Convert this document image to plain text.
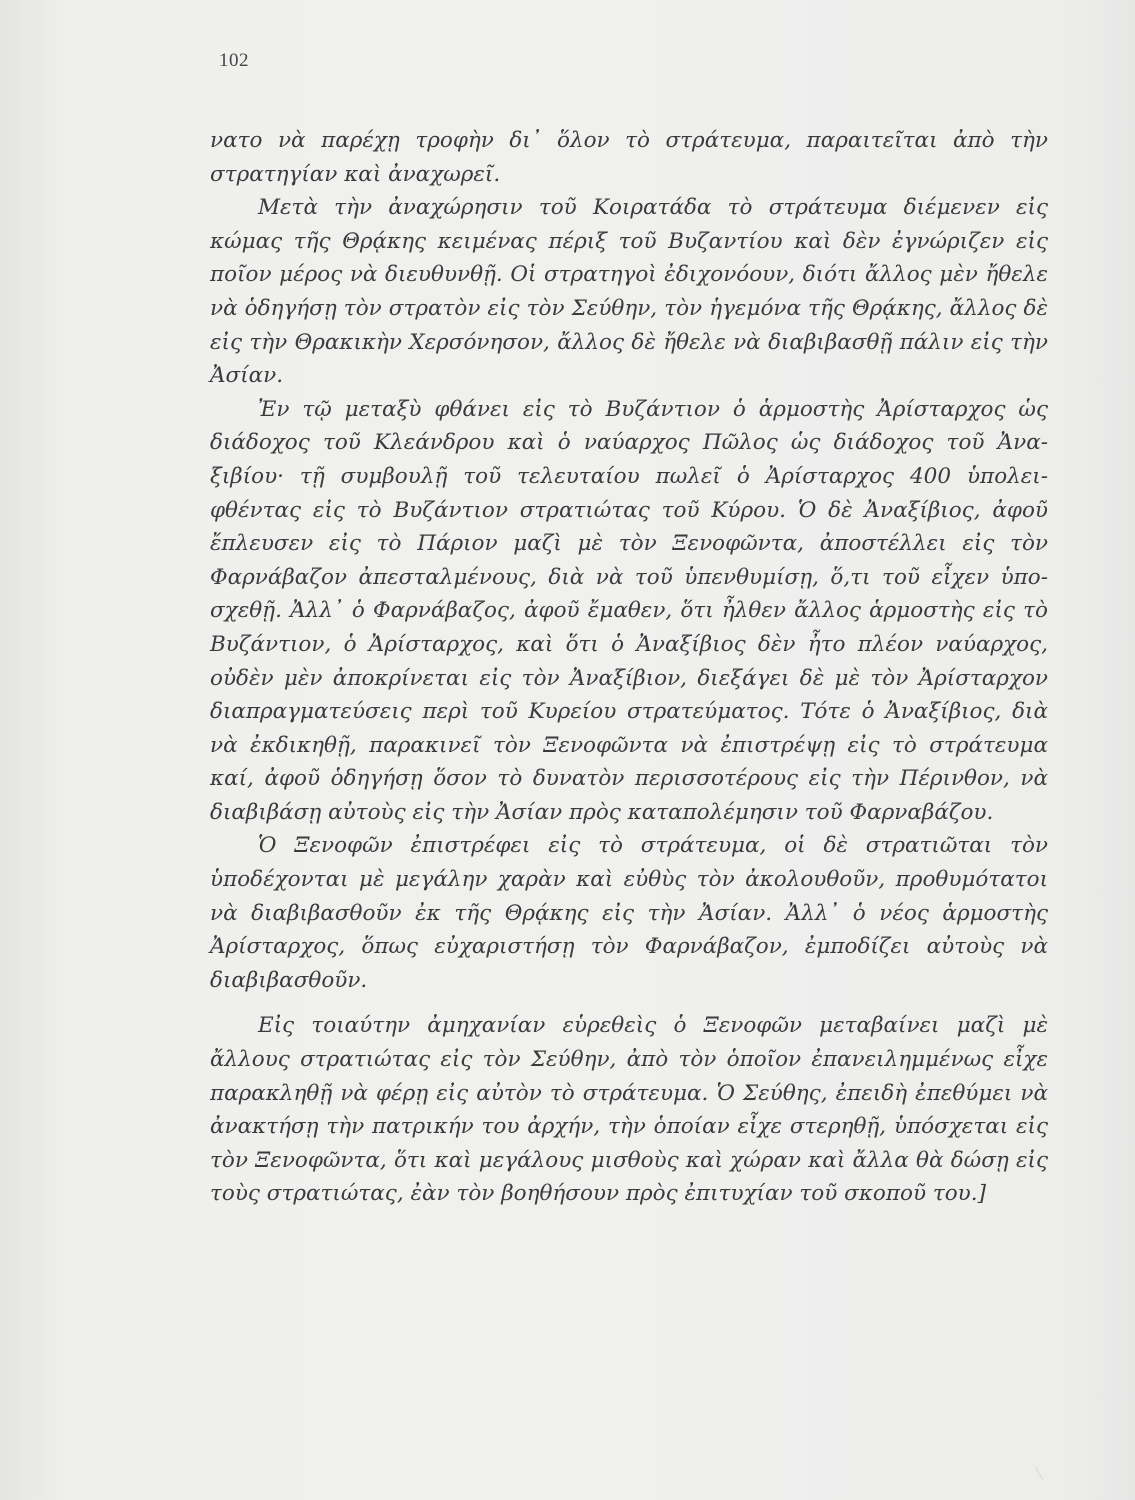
102

νατο νὰ παρέχῃ τροφὴν δι᾽ ὅλον τὸ στράτευμα, παραιτεῖται ἀπὸ τὴν στρατηγίαν καὶ ἀναχωρεῖ.

Μετὰ τὴν ἀναχώρησιν τοῦ Κοιρατάδα τὸ στράτευμα διέμενεν εἰς κώμας τῆς Θρᾴκης κειμένας πέριξ τοῦ Βυζαντίου καὶ δὲν ἐγνώριζεν εἰς ποῖον μέρος νὰ διευθυνθῇ. Οἱ στρατηγοὶ ἐδιχονόουν, διότι ἄλλος μὲν ἤθελε νὰ ὁδηγήσῃ τὸν στρατὸν εἰς τὸν Σεύθην, τὸν ἡγεμόνα τῆς Θρᾴκης, ἄλλος δὲ εἰς τὴν Θρακικὴν Χερσόνησον, ἄλλος δὲ ἤθελε νὰ διαβιβασθῇ πάλιν εἰς τὴν Ἀσίαν.

Ἐν τῷ μεταξὺ φθάνει εἰς τὸ Βυζάντιον ὁ ἁρμοστὴς Ἀρίσταρχος ὡς διάδοχος τοῦ Κλεάνδρου καὶ ὁ ναύαρχος Πῶλος ὡς διάδοχος τοῦ Ἀναξιβίου· τῇ συμβουλῇ τοῦ τελευταίου πωλεῖ ὁ Ἀρίσταρχος 400 ὑπολειφθέντας εἰς τὸ Βυζάντιον στρατιώτας τοῦ Κύρου. Ὁ δὲ Ἀναξίβιος, ἀφοῦ ἔπλευσεν εἰς τὸ Πάριον μαζὶ μὲ τὸν Ξενοφῶντα, ἀποστέλλει εἰς τὸν Φαρνάβαζον ἀπεσταλμένους, διὰ νὰ τοῦ ὑπενθυμίσῃ, ὅ,τι τοῦ εἶχεν ὑποσχεθῇ. Ἀλλ᾽ ὁ Φαρνάβαζος, ἀφοῦ ἔμαθεν, ὅτι ἦλθεν ἄλλος ἁρμοστὴς εἰς τὸ Βυζάντιον, ὁ Ἀρίσταρχος, καὶ ὅτι ὁ Ἀναξίβιος δὲν ἦτο πλέον ναύαρχος, οὐδὲν μὲν ἀποκρίνεται εἰς τὸν Ἀναξίβιον, διεξάγει δὲ μὲ τὸν Ἀρίσταρχον διαπραγματεύσεις περὶ τοῦ Κυρείου στρατεύματος. Τότε ὁ Ἀναξίβιος, διὰ νὰ ἐκδικηθῇ, παρακινεῖ τὸν Ξενοφῶντα νὰ ἐπιστρέψῃ εἰς τὸ στράτευμα καί, ἀφοῦ ὁδηγήσῃ ὅσον τὸ δυνατὸν περισσοτέρους εἰς τὴν Πέρινθον, νὰ διαβιβάσῃ αὐτοὺς εἰς τὴν Ἀσίαν πρὸς καταπολέμησιν τοῦ Φαρναβάζου.

Ὁ Ξενοφῶν ἐπιστρέφει εἰς τὸ στράτευμα, οἱ δὲ στρατιῶται τὸν ὑποδέχονται μὲ μεγάλην χαρὰν καὶ εὐθὺς τὸν ἀκολουθοῦν, προθυμότατοι νὰ διαβιβασθοῦν ἐκ τῆς Θρᾴκης εἰς τὴν Ἀσίαν. Ἀλλ᾽ ὁ νέος ἁρμοστὴς Ἀρίσταρχος, ὅπως εὐχαριστήσῃ τὸν Φαρνάβαζον, ἐμποδίζει αὐτοὺς νὰ διαβιβασθοῦν.

Εἰς τοιαύτην ἀμηχανίαν εὑρεθεὶς ὁ Ξενοφῶν μεταβαίνει μαζὶ μὲ ἄλλους στρατιώτας εἰς τὸν Σεύθην, ἀπὸ τὸν ὁποῖον ἐπανειλημμένως εἶχε παρακληθῇ νὰ φέρῃ εἰς αὐτὸν τὸ στράτευμα. Ὁ Σεύθης, ἐπειδὴ ἐπεθύμει νὰ ἀνακτήσῃ τὴν πατρικήν του ἀρχήν, τὴν ὁποίαν εἶχε στερηθῇ, ὑπόσχεται εἰς τὸν Ξενοφῶντα, ὅτι καὶ μεγάλους μισθοὺς καὶ χώραν καὶ ἄλλα θὰ δώσῃ εἰς τοὺς στρατιώτας, ἐὰν τὸν βοηθήσουν πρὸς ἐπιτυχίαν τοῦ σκοποῦ του.]
